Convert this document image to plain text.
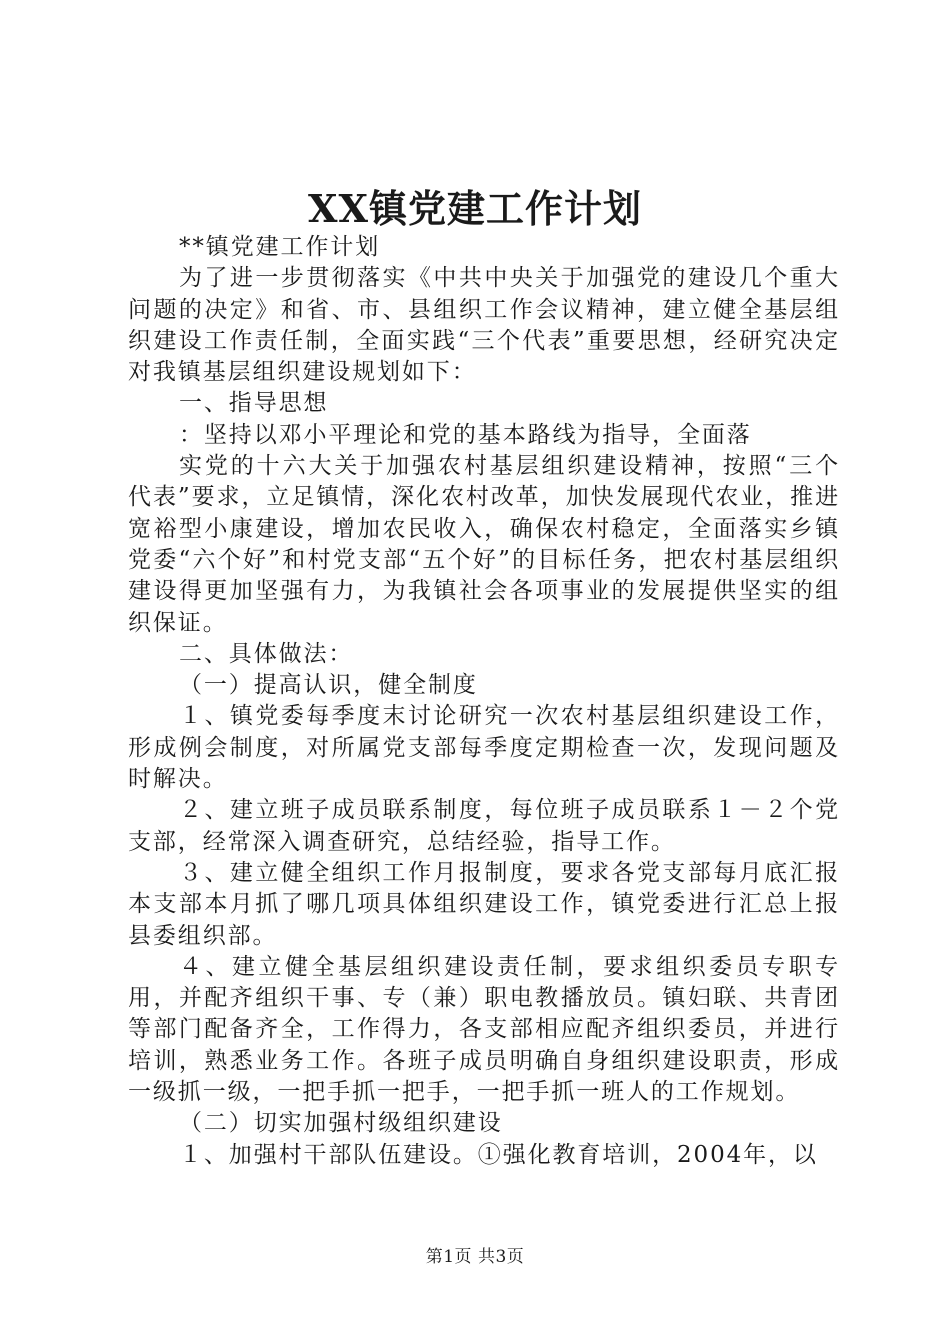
XX镇党建工作计划

**镇党建工作计划

为了进一步贯彻落实《中共中央关于加强党的建设几个重大问题的决定》和省、市、县组织工作会议精神，建立健全基层组织建设工作责任制，全面实践“三个代表”重要思想，经研究决定对我镇基层组织建设规划如下：

一、指导思想

：坚持以邓小平理论和党的基本路线为指导，全面落

实党的十六大关于加强农村基层组织建设精神，按照“三个代表”要求，立足镇情，深化农村改革，加快发展现代农业，推进宽裕型小康建设，增加农民收入，确保农村稳定，全面落实乡镇党委“六个好”和村党支部“五个好”的目标任务，把农村基层组织建设得更加坚强有力，为我镇社会各项事业的发展提供坚实的组织保证。

二、具体做法：

（一）提高认识，健全制度

１、镇党委每季度末讨论研究一次农村基层组织建设工作，形成例会制度，对所属党支部每季度定期检查一次，发现问题及时解决。

２、建立班子成员联系制度，每位班子成员联系１－２个党支部，经常深入调查研究，总结经验，指导工作。

３、建立健全组织工作月报制度，要求各党支部每月底汇报本支部本月抓了哪几项具体组织建设工作，镇党委进行汇总上报县委组织部。

４、建立健全基层组织建设责任制，要求组织委员专职专用，并配齐组织干事、专（兼）职电教播放员。镇妇联、共青团等部门配备齐全，工作得力，各支部相应配齐组织委员，并进行培训，熟悉业务工作。各班子成员明确自身组织建设职责，形成一级抓一级，一把手抓一把手，一把手抓一班人的工作规划。

（二）切实加强村级组织建设

１、加强村干部队伍建设。①强化教育培训，2004年，以

第1页 共3页
